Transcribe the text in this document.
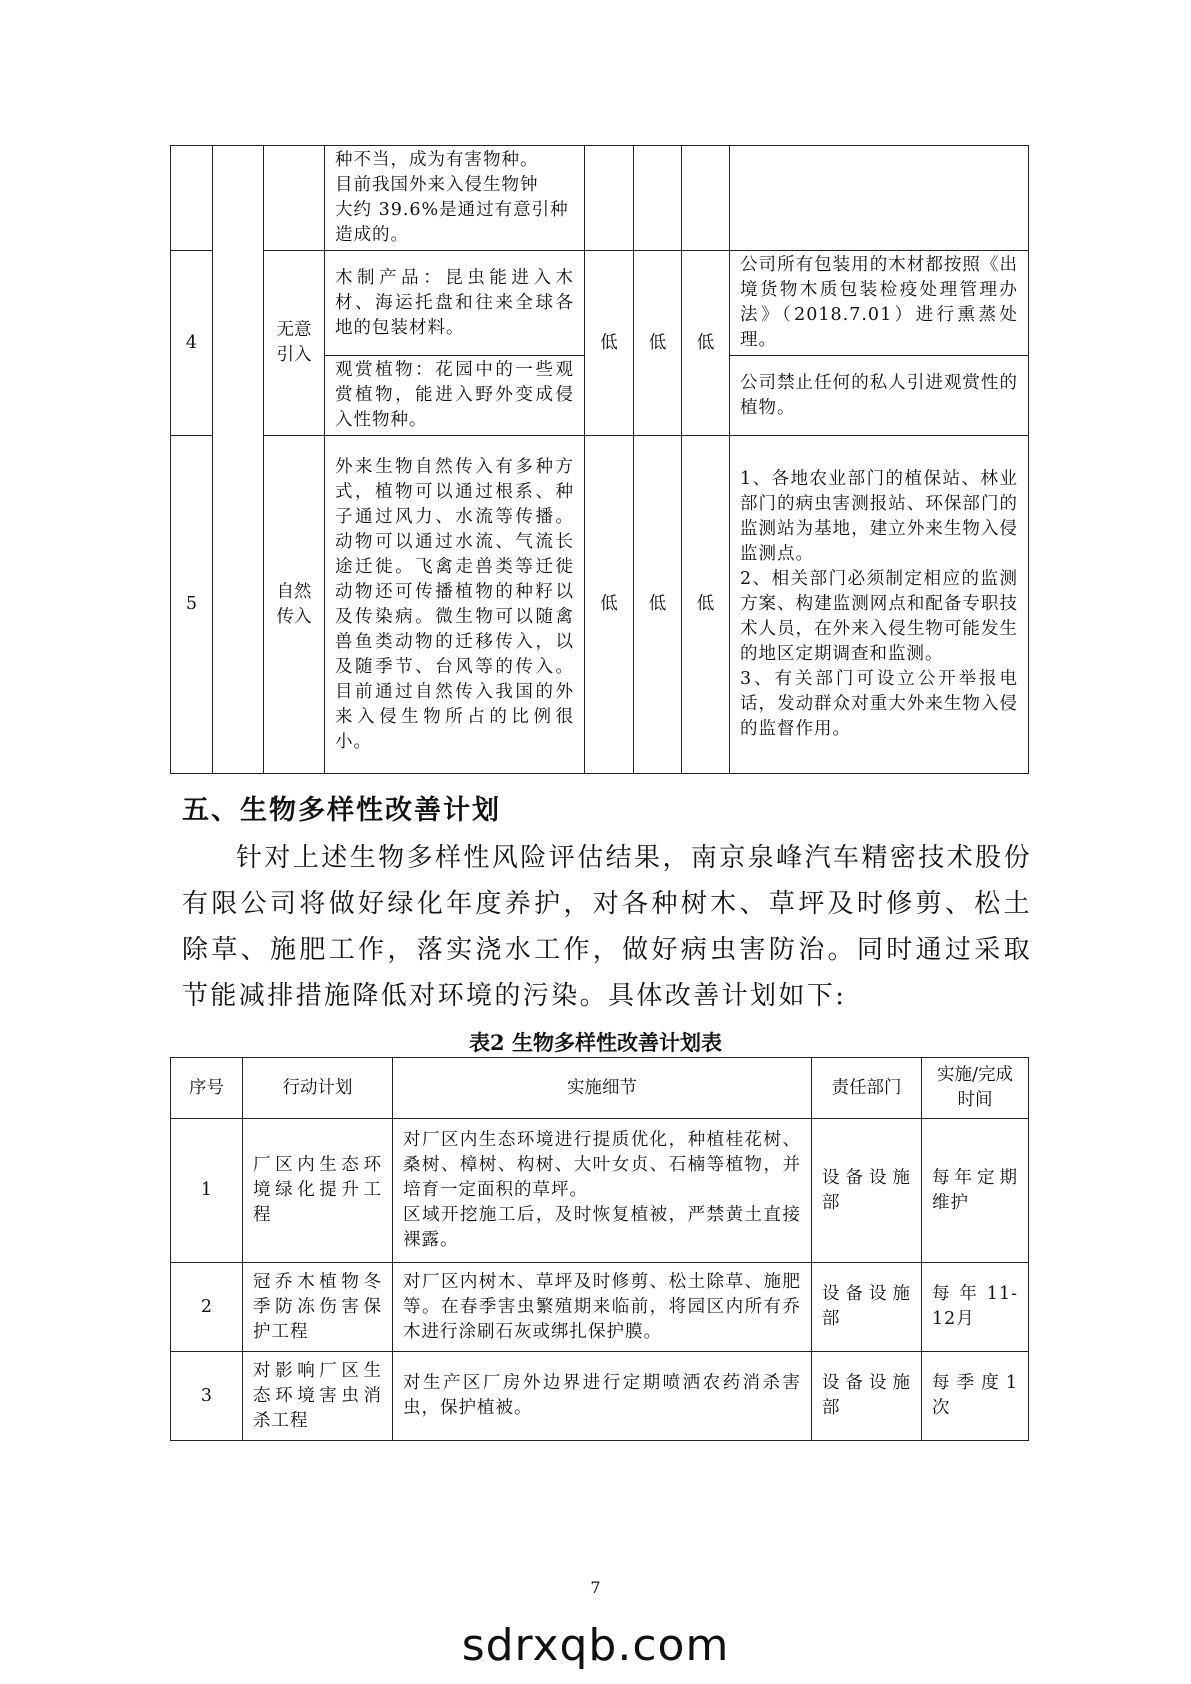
			种不当，成为有害物种。
目前我国外来入侵生物钟
大约 39.6%是通过有意引种
造成的。				

4		无意引入	木制产品：昆虫能进入木材、海运托盘和往来全球各地的包装材料。	低	低	低	公司所有包装用的木材都按照《出境货物木质包装检疫处理管理办法》（2018.7.01）进行熏蒸处理。
			观赏植物：花园中的一些观赏植物，能进入野外变成侵入性物种。				公司禁止任何的私人引进观赏性的植物。
5		自然传入	外来生物自然传入有多种方式，植物可以通过根系、种子通过风力、水流等传播。动物可以通过水流、气流长途迁徙。飞禽走兽类等迁徙动物还可传播植物的种籽以及传染病。微生物可以随禽兽鱼类动物的迁移传入，以及随季节、台风等的传入。目前通过自然传入我国的外来入侵生物所占的比例很小。	低	低	低	1、各地农业部门的植保站、林业部门的病虫害测报站、环保部门的监测站为基地，建立外来生物入侵监测点。
2、相关部门必须制定相应的监测方案、构建监测网点和配备专职技术人员，在外来入侵生物可能发生的地区定期调查和监测。
3、有关部门可设立公开举报电话，发动群众对重大外来生物入侵的监督作用。
五、生物多样性改善计划
针对上述生物多样性风险评估结果，南京泉峰汽车精密技术股份有限公司将做好绿化年度养护，对各种树木、草坪及时修剪、松土除草、施肥工作，落实浇水工作，做好病虫害防治。同时通过采取节能减排措施降低对环境的污染。具体改善计划如下:
表2 生物多样性改善计划表
序号	行动计划	实施细节	责任部门	实施/完成时间
1	厂区内生态环境绿化提升工程	对厂区内生态环境进行提质优化，种植桂花树、桑树、樟树、构树、大叶女贞、石楠等植物，并培育一定面积的草坪。
区域开挖施工后，及时恢复植被，严禁黄土直接裸露。	设备设施部	每年定期维护
2	冠乔木植物冬季防冻伤害保护工程	对厂区内树木、草坪及时修剪、松土除草、施肥等。在春季害虫繁殖期来临前，将园区内所有乔木进行涂刷石灰或绑扎保护膜。	设备设施部	每年11-12月
3	对影响厂区生态环境害虫消杀工程	对生产区厂房外边界进行定期喷洒农药消杀害虫，保护植被。	设备设施部	每季度1次
7
sdrxqb.com
